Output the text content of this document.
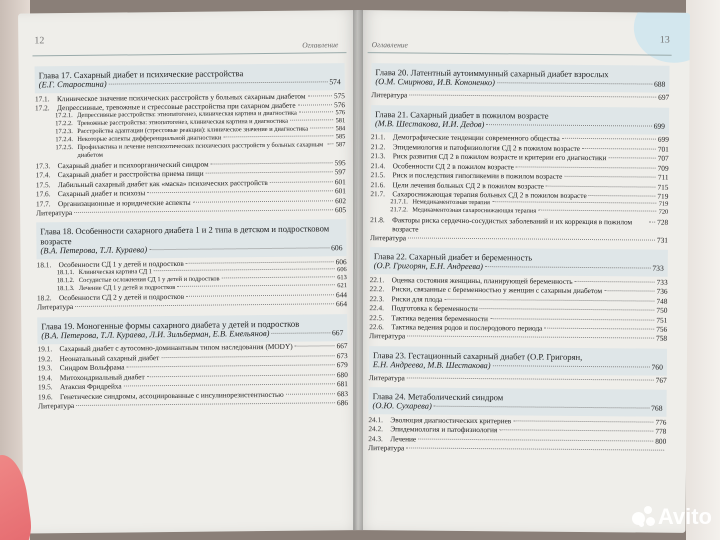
12	Оглавление
Глава 17. Сахарный диабет и психические расстройства
(Е.Г. Старостина)	574
17.1.	Клиническое значение психических расстройств у больных сахарным диабетом	575
17.2.	Депрессивные, тревожные и стрессовые расстройства при сахарном диабете	576
17.2.1. Депрессивные расстройства: этиопатогенез, клиническая картина и диагностика	576
17.2.2. Тревожные расстройства: этиопатогенез, клиническая картина и диагностика	581
17.2.3. Расстройства адаптации (стрессовые реакции): клиническое значение и диагностика	584
17.2.4. Некоторые аспекты дифференциальной диагностики	585
17.2.5. Профилактика и лечение непсихотических психических расстройств у больных сахарным диабетом
587
17.3.	Сахарный диабет и психоорганический синдром	595
17.4.	Сахарный диабет и расстройства приема пищи	597
17.5.	Лабильный сахарный диабет как «маска» психических расстройств	601
17.6.	Сахарный диабет и психозы	601
17.7.	Организационные и юридические аспекты	602
Литература	605
Глава 18. Особенности сахарного диабета 1 и 2 типа в детском и подростковом возрасте
(В.А. Петерова, Т.Л. Кураева)	606
18.1.	Особенности СД 1 у детей и подростков	606
18.1.1. Клиническая картина СД 1	606
18.1.2. Сосудистые осложнения СД 1 у детей и подростков	613
18.1.3. Лечение СД 1 у детей и подростков	621
18.2.	Особенности СД 2 у детей и подростков	644
Литература	664
Глава 19. Моногенные формы сахарного диабета у детей и подростков
(В.А. Петерова, Т.Л. Кураева, Л.И. Зильберман, Е.В. Емельянов)	667
19.1.	Сахарный диабет с аутосомно-доминантным типом наследования (MODY)	667
19.2.	Неонатальный сахарный диабет	673
19.3.	Синдром Вольфрама	679
19.4.	Митохондриальный диабет	680
19.5.	Атаксия Фридрейха	681
19.6.	Генетические синдромы, ассоциированные с инсулинорезистентностью	683
Литература	686
13
Оглавление
Глава 20. Латентный аутоиммунный сахарный диабет взрослых
(О.М. Смирнова, И.В. Кононенко)	688
Литература	697
Глава 21. Сахарный диабет в пожилом возрасте
(М.В. Шестакова, И.И. Дедов)	699
21.1.	Демографические тенденции современного общества	699
21.2.	Эпидемиология и патофизиология СД 2 в пожилом возрасте	701
21.3.	Риск развития СД 2 в пожилом возрасте и критерии его диагностики	707
21.4.	Особенности СД 2 в пожилом возрасте	709
21.5.	Риск и последствия гипогликемии в пожилом возрасте	711
21.6.	Цели лечения больных СД 2 в пожилом возрасте	715
21.7.	Сахароснижающая терапия больных СД 2 в пожилом возрасте	719
21.7.1. Немедикаментозная терапия	719
21.7.2. Медикаментозная сахароснижающая терапия	720
21.8.	Факторы риска сердечно-сосудистых заболеваний и их коррекция в пожилом возрасте
728
Литература	731
Глава 22. Сахарный диабет и беременность
(О.Р. Григорян, Е.Н. Андреева)	733
22.1.	Оценка состояния женщины, планирующей беременность	733
22.2.	Риски, связанные с беременностью у женщин с сахарным диабетом	736
22.3.	Риски для плода	748
22.4.	Подготовка к беременности	750
22.5.	Тактика ведения беременности	751
22.6.	Тактика ведения родов и послеродового периода	756
Литература	758
Глава 23. Гестационный сахарный диабет (О.Р. Григорян,
Е.Н. Андреева, М.В. Шестакова)	760
Литература	767
Глава 24. Метаболический синдром
(О.Ю. Сухарева)	768
24.1.	Эволюция диагностических критериев	776
24.2.	Эпидемиология и патофизиология	778
24.3.	Лечение	800
Литература
Avito
